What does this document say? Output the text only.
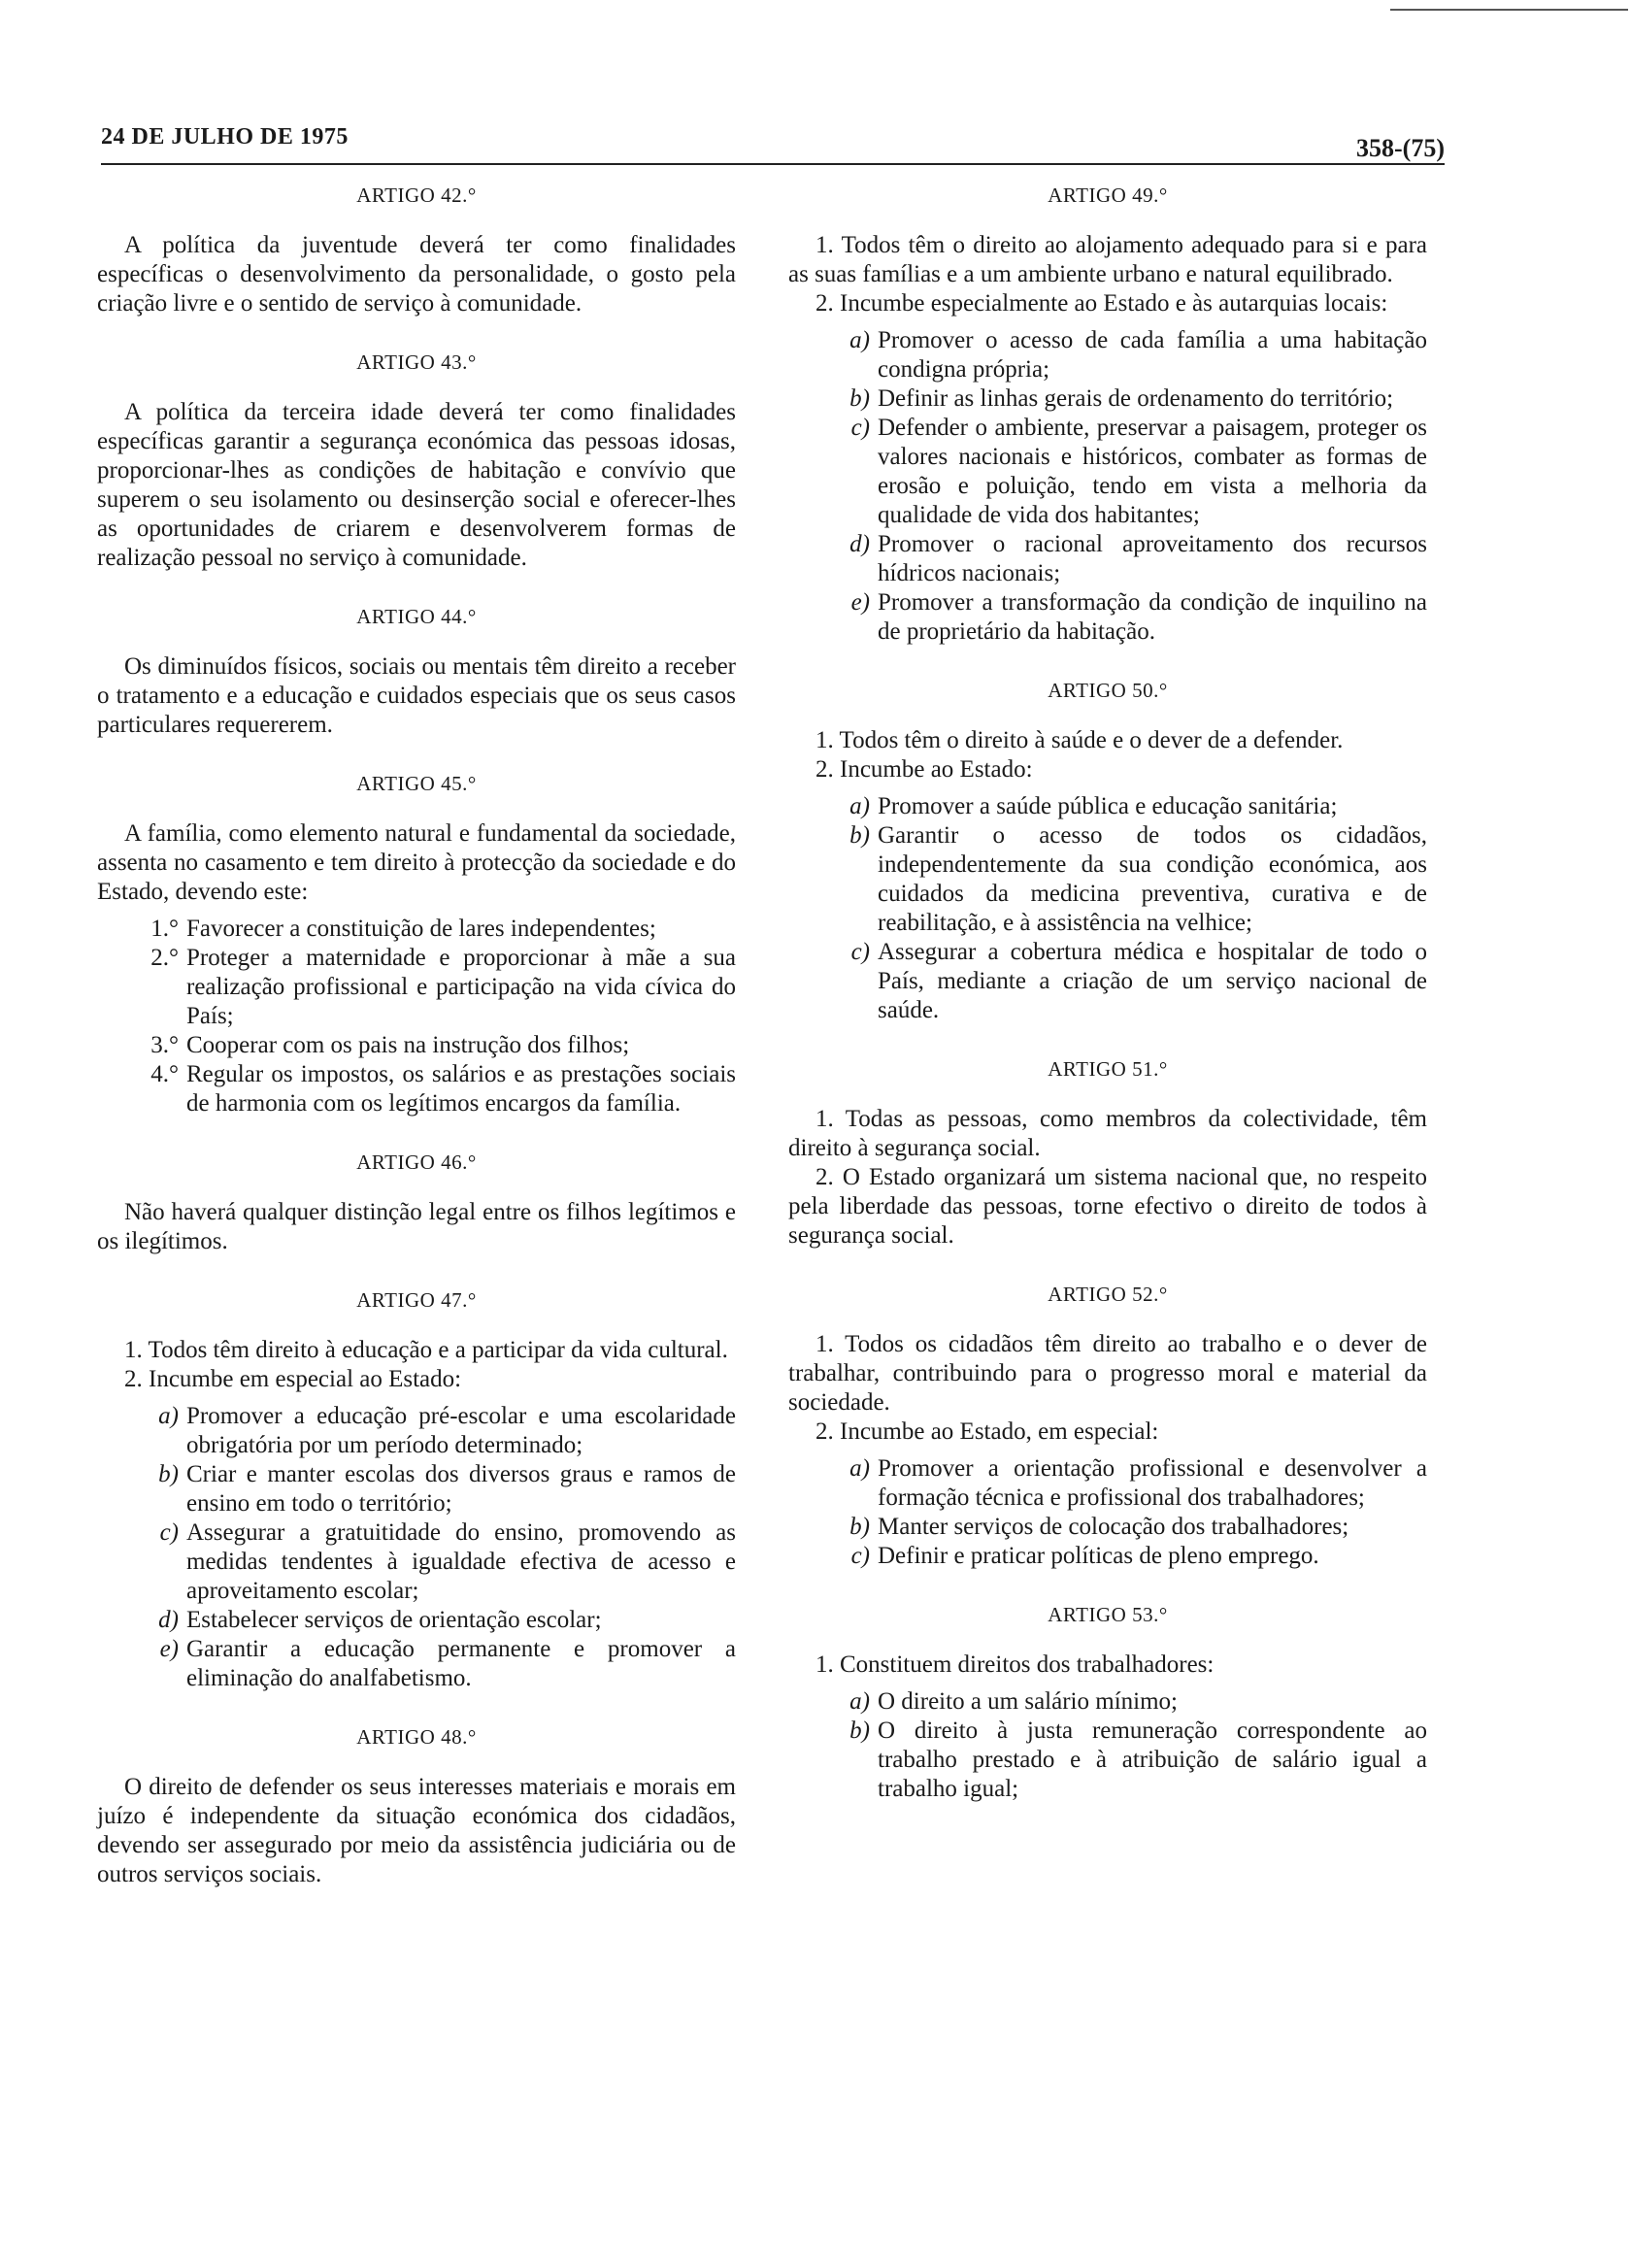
24 DE JULHO DE 1975	358-(75)
ARTIGO 42.°

A política da juventude deverá ter como finalidades específicas o desenvolvimento da personalidade, o gosto pela criação livre e o sentido de serviço à comunidade.

ARTIGO 43.°

A política da terceira idade deverá ter como finalidades específicas garantir a segurança económica das pessoas idosas, proporcionar-lhes as condições de habitação e convívio que superem o seu isolamento ou desinserção social e oferecer-lhes as oportunidades de criarem e desenvolverem formas de realização pessoal no serviço à comunidade.

ARTIGO 44.°

Os diminuídos físicos, sociais ou mentais têm direito a receber o tratamento e a educação e cuidados especiais que os seus casos particulares requererem.

ARTIGO 45.°

A família, como elemento natural e fundamental da sociedade, assenta no casamento e tem direito à protecção da sociedade e do Estado, devendo este:

1.° Favorecer a constituição de lares independentes;
2.° Proteger a maternidade e proporcionar à mãe a sua realização profissional e participação na vida cívica do País;
3.° Cooperar com os pais na instrução dos filhos;
4.° Regular os impostos, os salários e as prestações sociais de harmonia com os legítimos encargos da família.
ARTIGO 46.°

Não haverá qualquer distinção legal entre os filhos legítimos e os ilegítimos.

ARTIGO 47.°

1. Todos têm direito à educação e a participar da vida cultural.

2. Incumbe em especial ao Estado:

a) Promover a educação pré-escolar e uma escolaridade obrigatória por um período determinado;
b) Criar e manter escolas dos diversos graus e ramos de ensino em todo o território;
c) Assegurar a gratuitidade do ensino, promovendo as medidas tendentes à igualdade efectiva de acesso e aproveitamento escolar;
d) Estabelecer serviços de orientação escolar;
e) Garantir a educação permanente e promover a eliminação do analfabetismo.
ARTIGO 48.°

O direito de defender os seus interesses materiais e morais em juízo é independente da situação económica dos cidadãos, devendo ser assegurado por meio da assistência judiciária ou de outros serviços sociais.

ARTIGO 49.°

1. Todos têm o direito ao alojamento adequado para si e para as suas famílias e a um ambiente urbano e natural equilibrado.

2. Incumbe especialmente ao Estado e às autarquias locais:

a) Promover o acesso de cada família a uma habitação condigna própria;
b) Definir as linhas gerais de ordenamento do território;
c) Defender o ambiente, preservar a paisagem, proteger os valores nacionais e históricos, combater as formas de erosão e poluição, tendo em vista a melhoria da qualidade de vida dos habitantes;
d) Promover o racional aproveitamento dos recursos hídricos nacionais;
e) Promover a transformação da condição de inquilino na de proprietário da habitação.
ARTIGO 50.°

1. Todos têm o direito à saúde e o dever de a defender.

2. Incumbe ao Estado:

a) Promover a saúde pública e educação sanitária;
b) Garantir o acesso de todos os cidadãos, independentemente da sua condição económica, aos cuidados da medicina preventiva, curativa e de reabilitação, e à assistência na velhice;
c) Assegurar a cobertura médica e hospitalar de todo o País, mediante a criação de um serviço nacional de saúde.
ARTIGO 51.°

1. Todas as pessoas, como membros da colectividade, têm direito à segurança social.

2. O Estado organizará um sistema nacional que, no respeito pela liberdade das pessoas, torne efectivo o direito de todos à segurança social.

ARTIGO 52.°

1. Todos os cidadãos têm direito ao trabalho e o dever de trabalhar, contribuindo para o progresso moral e material da sociedade.

2. Incumbe ao Estado, em especial:

a) Promover a orientação profissional e desenvolver a formação técnica e profissional dos trabalhadores;
b) Manter serviços de colocação dos trabalhadores;
c) Definir e praticar políticas de pleno emprego.
ARTIGO 53.°

1. Constituem direitos dos trabalhadores:

a) O direito a um salário mínimo;
b) O direito à justa remuneração correspondente ao trabalho prestado e à atribuição de salário igual a trabalho igual;
